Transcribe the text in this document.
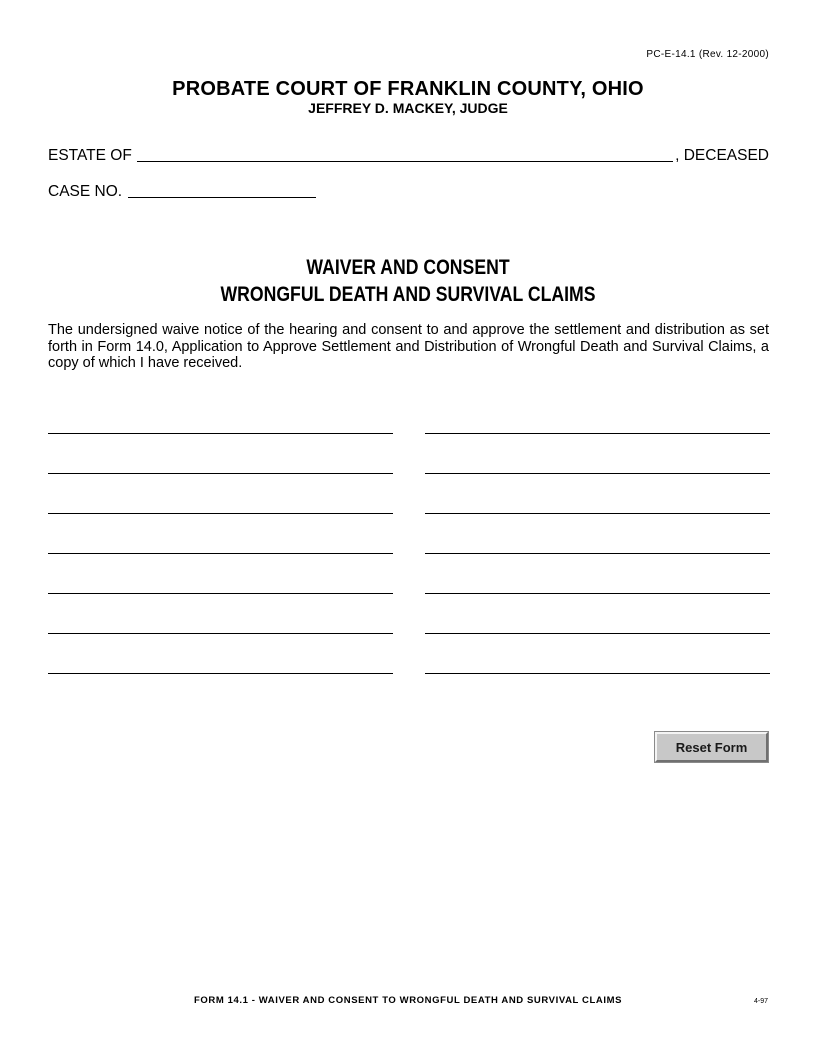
PC-E-14.1 (Rev. 12-2000)
PROBATE COURT OF FRANKLIN COUNTY, OHIO
JEFFREY D. MACKEY, JUDGE
ESTATE OF	, DECEASED
CASE NO.
WAIVER AND CONSENT
WRONGFUL DEATH AND SURVIVAL CLAIMS
The undersigned waive notice of the hearing and consent to and approve the settlement and distribution as set forth in Form 14.0, Application to Approve Settlement and Distribution of Wrongful Death and Survival Claims, a copy of which I have received.
Reset Form
FORM 14.1 - WAIVER AND CONSENT TO WRONGFUL DEATH AND SURVIVAL CLAIMS	4-97
